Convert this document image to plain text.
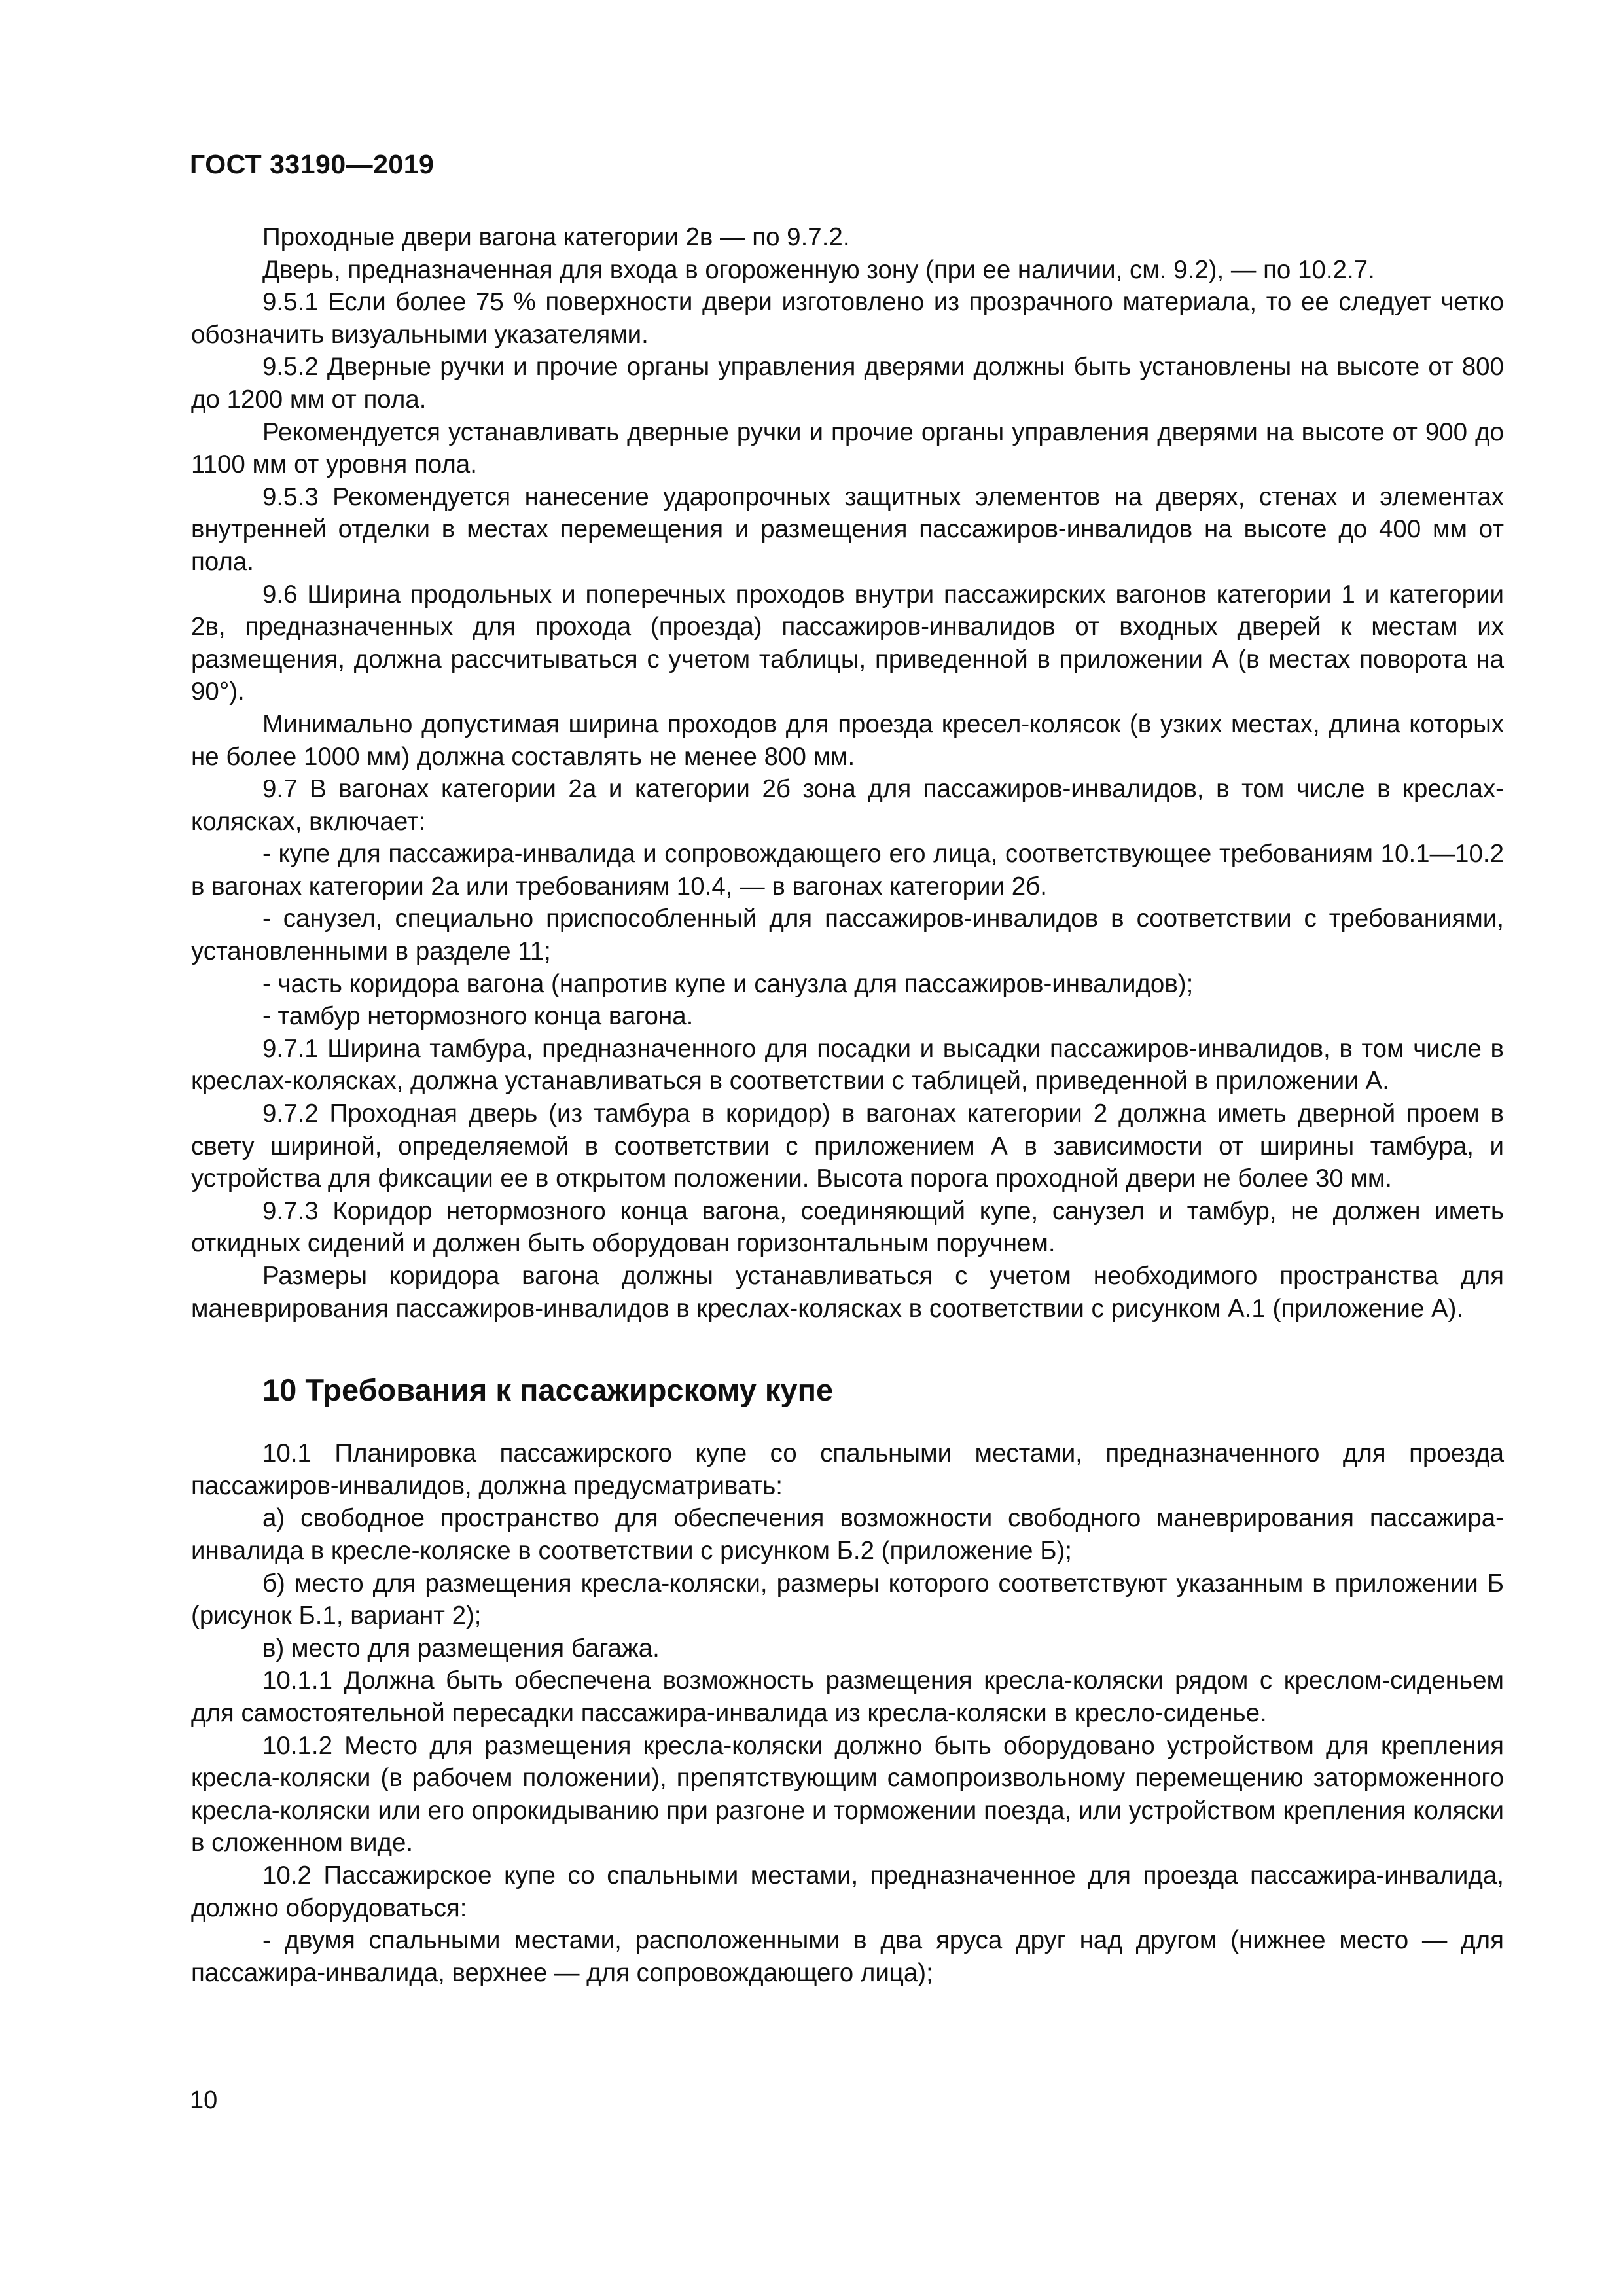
ГОСТ 33190—2019

Проходные двери вагона категории 2в — по 9.7.2.

Дверь, предназначенная для входа в огороженную зону (при ее наличии, см. 9.2), — по 10.2.7.

9.5.1 Если более 75 % поверхности двери изготовлено из прозрачного материала, то ее следует четко обозначить визуальными указателями.

9.5.2 Дверные ручки и прочие органы управления дверями должны быть установлены на высоте от 800 до 1200 мм от пола.

Рекомендуется устанавливать дверные ручки и прочие органы управления дверями на высоте от 900 до 1100 мм от уровня пола.

9.5.3 Рекомендуется нанесение ударопрочных защитных элементов на дверях, стенах и элементах внутренней отделки в местах перемещения и размещения пассажиров-инвалидов на высоте до 400 мм от пола.

9.6 Ширина продольных и поперечных проходов внутри пассажирских вагонов категории 1 и категории 2в, предназначенных для прохода (проезда) пассажиров-инвалидов от входных дверей к местам их размещения, должна рассчитываться с учетом таблицы, приведенной в приложении А (в местах поворота на 90°).

Минимально допустимая ширина проходов для проезда кресел-колясок (в узких местах, длина которых не более 1000 мм) должна составлять не менее 800 мм.

9.7 В вагонах категории 2а и категории 2б зона для пассажиров-инвалидов, в том числе в креслах-колясках, включает:

- купе для пассажира-инвалида и сопровождающего его лица, соответствующее требованиям 10.1—10.2 в вагонах категории 2а или требованиям 10.4, — в вагонах категории 2б.

- санузел, специально приспособленный для пассажиров-инвалидов в соответствии с требованиями, установленными в разделе 11;

- часть коридора вагона (напротив купе и санузла для пассажиров-инвалидов);

- тамбур нетормозного конца вагона.

9.7.1 Ширина тамбура, предназначенного для посадки и высадки пассажиров-инвалидов, в том числе в креслах-колясках, должна устанавливаться в соответствии с таблицей, приведенной в приложении А.

9.7.2 Проходная дверь (из тамбура в коридор) в вагонах категории 2 должна иметь дверной проем в свету шириной, определяемой в соответствии с приложением А в зависимости от ширины тамбура, и устройства для фиксации ее в открытом положении. Высота порога проходной двери не более 30 мм.

9.7.3 Коридор нетормозного конца вагона, соединяющий купе, санузел и тамбур, не должен иметь откидных сидений и должен быть оборудован горизонтальным поручнем.

Размеры коридора вагона должны устанавливаться с учетом необходимого пространства для маневрирования пассажиров-инвалидов в креслах-колясках в соответствии с рисунком А.1 (приложение А).

10 Требования к пассажирскому купе

10.1 Планировка пассажирского купе со спальными местами, предназначенного для проезда пассажиров-инвалидов, должна предусматривать:

а) свободное пространство для обеспечения возможности свободного маневрирования пассажира-инвалида в кресле-коляске в соответствии с рисунком Б.2 (приложение Б);

б) место для размещения кресла-коляски, размеры которого соответствуют указанным в приложении Б (рисунок Б.1, вариант 2);

в) место для размещения багажа.

10.1.1 Должна быть обеспечена возможность размещения кресла-коляски рядом с креслом-сиденьем для самостоятельной пересадки пассажира-инвалида из кресла-коляски в кресло-сиденье.

10.1.2 Место для размещения кресла-коляски должно быть оборудовано устройством для крепления кресла-коляски (в рабочем положении), препятствующим самопроизвольному перемещению заторможенного кресла-коляски или его опрокидыванию при разгоне и торможении поезда, или устройством крепления коляски в сложенном виде.

10.2 Пассажирское купе со спальными местами, предназначенное для проезда пассажира-инвалида, должно оборудоваться:

- двумя спальными местами, расположенными в два яруса друг над другом (нижнее место — для пассажира-инвалида, верхнее — для сопровождающего лица);

10
